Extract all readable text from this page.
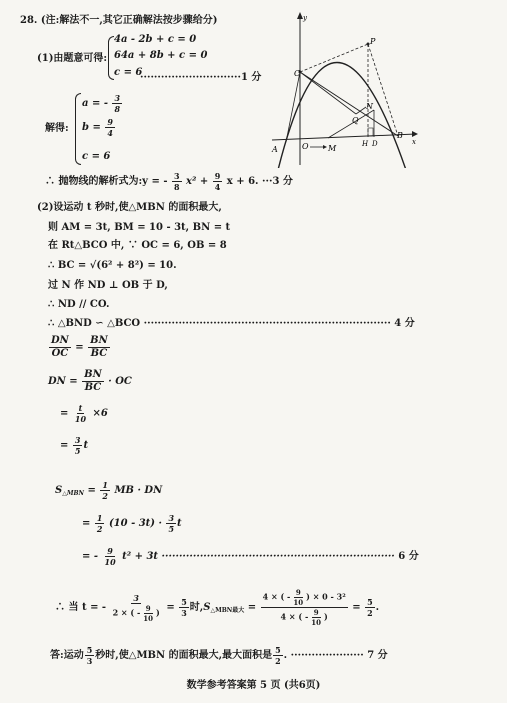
28. (注:解法不一,其它正确解法按步骤给分)
(1)由题意可得:
4a - 2b + c = 0
64a + 8b + c = 0
c = 6
·····························1 分
a = - $\frac{3}{8}$
解得: $b = \frac{9}{4}$
c = 6
∴ 抛物线的解析式为:y = - $\frac{3}{8} x^2 + \frac{9}{4}$ x + 6. ···3 分
y
x
C
P
N
Q
A	O M	H D
B
(2)设运动 t 秒时,使△MBN 的面积最大,
则 AM = 3t, BM = 10 - 3t, BN = t
在 Rt△BCO 中, ∵ OC = 6, OB = 8
∴ BC = √(6² + 8²) = 10.
过 N 作 ND ⊥ OB 于 D,
∴ ND // CO.
∴ △BND ∽ △BCO ······································································· 4 分
$\frac{DN}{OC} = \frac{BN}{BC}$
DN = $\frac{BN}{BC}$ · OC
= $\frac{t}{10} \times 6$
= $\frac{3}{5}$ t
$S_{\triangle MBN} = \frac{1}{2}$ MB · DN
= $\frac{1}{2} (10 - 3t) \cdot \frac{3}{5}$ t
= - $\frac{9}{10} t^2 + 3t$ ··································································· 6 分
∴ 当 t = - $\frac{3}{2 \times ( - \frac{9}{10} )} = \frac{5}{3}$ 时$,S_{\triangle MBN最大} = \frac{4 \times ( - \frac{9}{10} ) \times 0 - 3^2}{4 \times ( - \frac{9}{10} )} = \frac{5}{2}$ .
答:运动 $\frac{5}{3}$ 秒时,使△MBN 的面积最大,最大面积是 $\frac{5}{2}$ . ····················· 7 分
数学参考答案第 5 页 (共6页)
